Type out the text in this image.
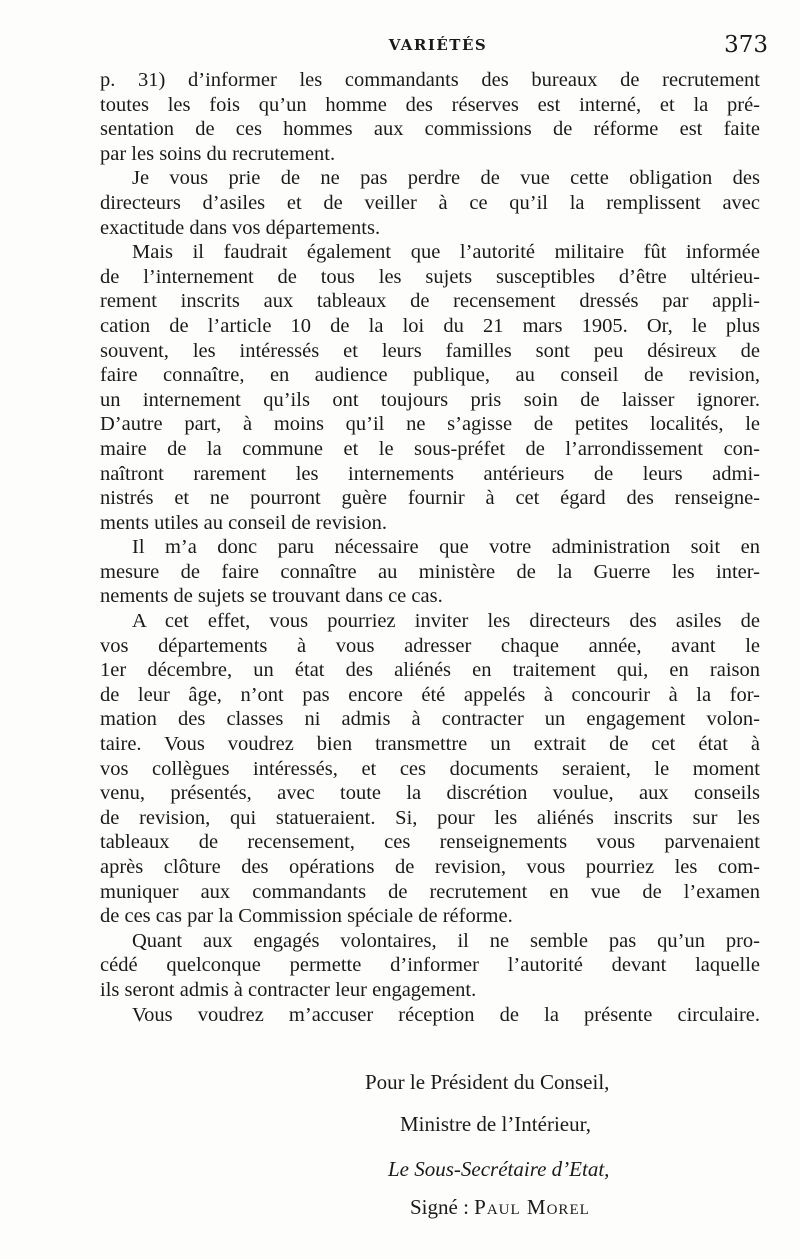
VARIÉTÉS	373
p. 31) d’informer les commandants des bureaux de recrutement
toutes les fois qu’un homme des réserves est interné, et la pré-
sentation de ces hommes aux commissions de réforme est faite
par les soins du recrutement.
Je vous prie de ne pas perdre de vue cette obligation des
directeurs d’asiles et de veiller à ce qu’il la remplissent avec
exactitude dans vos départements.
Mais il faudrait également que l’autorité militaire fût informée
de l’internement de tous les sujets susceptibles d’être ultérieu-
rement inscrits aux tableaux de recensement dressés par appli-
cation de l’article 10 de la loi du 21 mars 1905. Or, le plus
souvent, les intéressés et leurs familles sont peu désireux de
faire connaître, en audience publique, au conseil de revision,
un internement qu’ils ont toujours pris soin de laisser ignorer.
D’autre part, à moins qu’il ne s’agisse de petites localités, le
maire de la commune et le sous-préfet de l’arrondissement con-
naîtront rarement les internements antérieurs de leurs admi-
nistrés et ne pourront guère fournir à cet égard des renseigne-
ments utiles au conseil de revision.
Il m’a donc paru nécessaire que votre administration soit en
mesure de faire connaître au ministère de la Guerre les inter-
nements de sujets se trouvant dans ce cas.
A cet effet, vous pourriez inviter les directeurs des asiles de
vos départements à vous adresser chaque année, avant le
1er décembre, un état des aliénés en traitement qui, en raison
de leur âge, n’ont pas encore été appelés à concourir à la for-
mation des classes ni admis à contracter un engagement volon-
taire. Vous voudrez bien transmettre un extrait de cet état à
vos collègues intéressés, et ces documents seraient, le moment
venu, présentés, avec toute la discrétion voulue, aux conseils
de revision, qui statueraient. Si, pour les aliénés inscrits sur les
tableaux de recensement, ces renseignements vous parvenaient
après clôture des opérations de revision, vous pourriez les com-
muniquer aux commandants de recrutement en vue de l’examen
de ces cas par la Commission spéciale de réforme.
Quant aux engagés volontaires, il ne semble pas qu’un pro-
cédé quelconque permette d’informer l’autorité devant laquelle
ils seront admis à contracter leur engagement.
Vous voudrez m’accuser réception de la présente circulaire.
Pour le Président du Conseil,
Ministre de l’Intérieur,
Le Sous-Secrétaire d’Etat,
Signé : Paul Morel
